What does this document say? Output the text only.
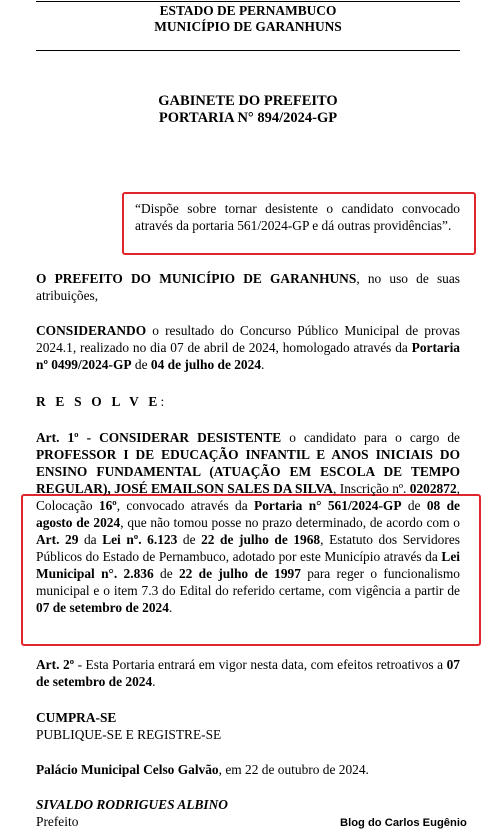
ESTADO DE PERNAMBUCO
MUNICÍPIO DE GARANHUNS
GABINETE DO PREFEITO
PORTARIA N° 894/2024-GP
“Dispõe sobre tornar desistente o candidato convocado através da portaria 561/2024-GP e dá outras providências”.
O PREFEITO DO MUNICÍPIO DE GARANHUNS, no uso de suas atribuições,
CONSIDERANDO o resultado do Concurso Público Municipal de provas 2024.1, realizado no dia 07 de abril de 2024, homologado através da Portaria nº 0499/2024-GP de 04 de julho de 2024.
R E S O L V E:
Art. 1º - CONSIDERAR DESISTENTE o candidato para o cargo de PROFESSOR I DE EDUCAÇÃO INFANTIL E ANOS INICIAIS DO ENSINO FUNDAMENTAL (ATUAÇÃO EM ESCOLA DE TEMPO REGULAR), JOSÉ EMAILSON SALES DA SILVA, Inscrição nº. 0202872, Colocação 16º, convocado através da Portaria n° 561/2024-GP de 08 de agosto de 2024, que não tomou posse no prazo determinado, de acordo com o Art. 29 da Lei nº. 6.123 de 22 de julho de 1968, Estatuto dos Servidores Públicos do Estado de Pernambuco, adotado por este Município através da Lei Municipal n°. 2.836 de 22 de julho de 1997 para reger o funcionalismo municipal e o item 7.3 do Edital do referido certame, com vigência a partir de 07 de setembro de 2024.
Art. 2º - Esta Portaria entrará em vigor nesta data, com efeitos retroativos a 07 de setembro de 2024.
CUMPRA-SE
PUBLIQUE-SE E REGISTRE-SE
Palácio Municipal Celso Galvão, em 22 de outubro de 2024.
SIVALDO RODRIGUES ALBINO
Prefeito	Blog do Carlos Eugênio
